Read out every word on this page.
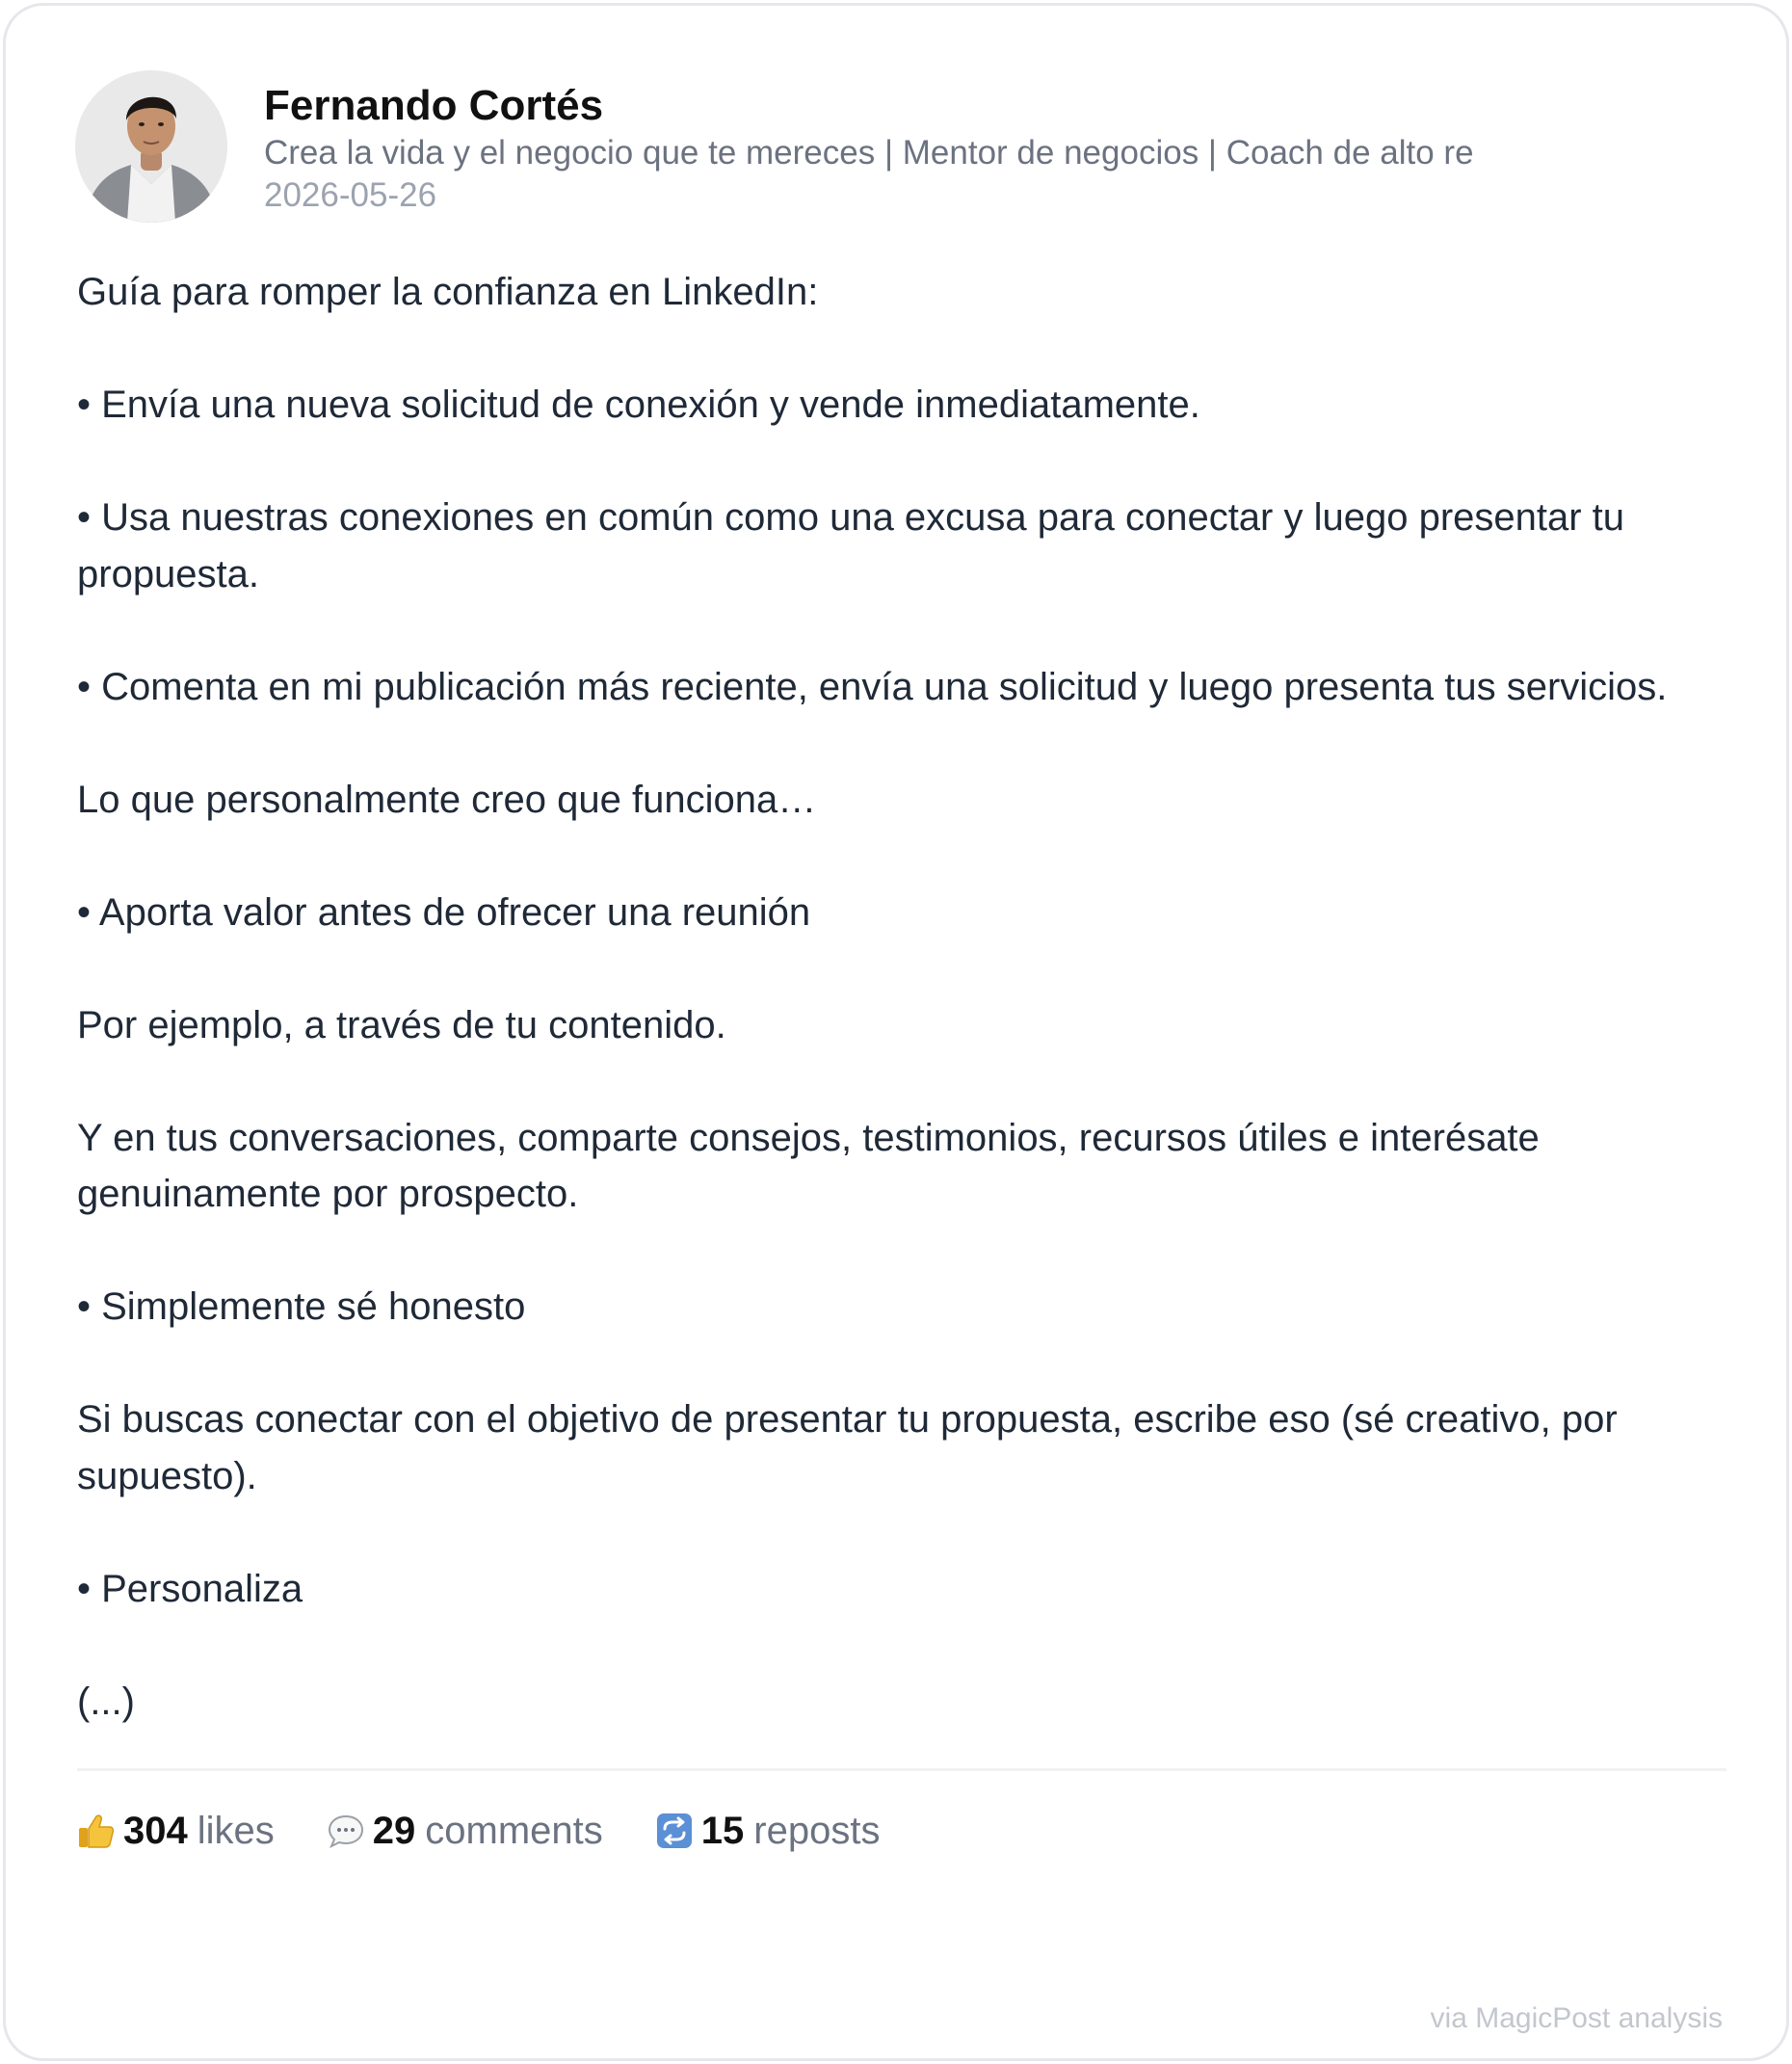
Fernando Cortés
Crea la vida y el negocio que te mereces | Mentor de negocios | Coach de alto re
2026-05-26

Guía para romper la confianza en LinkedIn:

• Envía una nueva solicitud de conexión y vende inmediatamente.

• Usa nuestras conexiones en común como una excusa para conectar y luego presentar tu propuesta.

• Comenta en mi publicación más reciente, envía una solicitud y luego presenta tus servicios.

Lo que personalmente creo que funciona…

• Aporta valor antes de ofrecer una reunión

Por ejemplo, a través de tu contenido.

Y en tus conversaciones, comparte consejos, testimonios, recursos útiles e interésate genuinamente por prospecto.

• Simplemente sé honesto

Si buscas conectar con el objetivo de presentar tu propuesta, escribe eso (sé creativo, por supuesto).

• Personaliza

(...)

304 likes	29 comments	15 reposts
via MagicPost analysis
